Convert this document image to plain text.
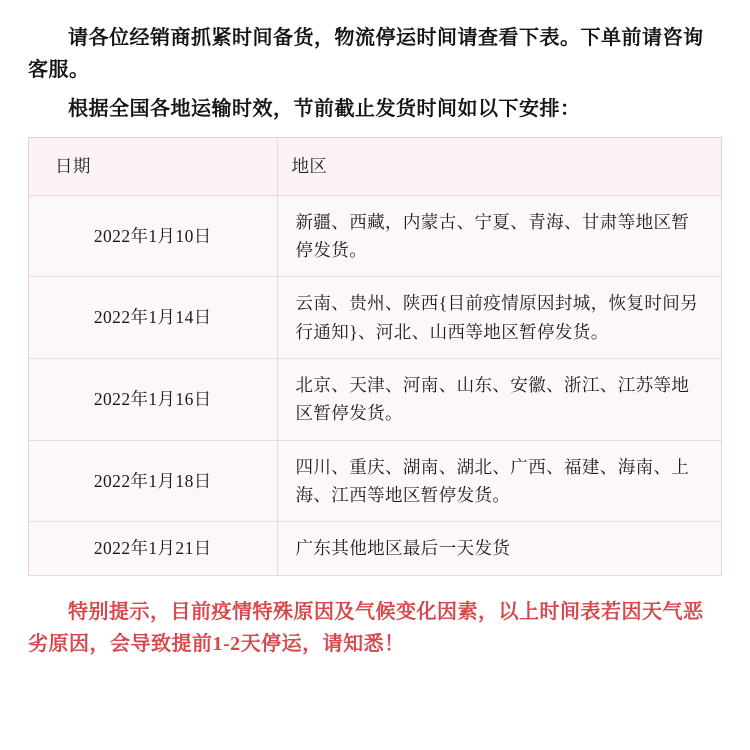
请各位经销商抓紧时间备货，物流停运时间请查看下表。下单前请咨询客服。

根据全国各地运输时效，节前截止发货时间如以下安排：

日期	地区
2022年1月10日	新疆、西藏，内蒙古、宁夏、青海、甘肃等地区暂停发货。
2022年1月14日	云南、贵州、陕西{目前疫情原因封城，恢复时间另行通知}、河北、山西等地区暂停发货。
2022年1月16日	北京、天津、河南、山东、安徽、浙江、江苏等地区暂停发货。
2022年1月18日	四川、重庆、湖南、湖北、广西、福建、海南、上海、江西等地区暂停发货。
2022年1月21日	广东其他地区最后一天发货

特别提示，目前疫情特殊原因及气候变化因素，以上时间表若因天气恶劣原因，会导致提前1-2天停运，请知悉！
